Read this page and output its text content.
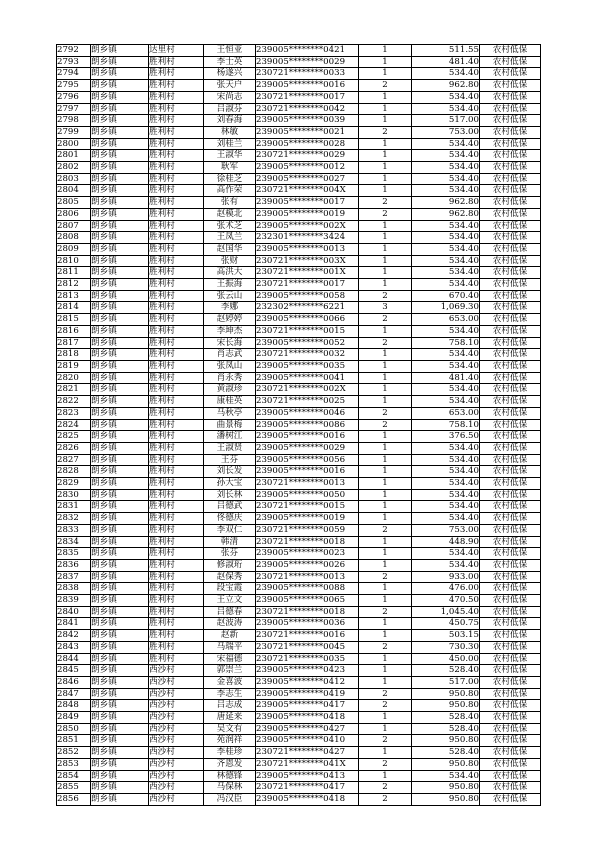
2792	朗乡镇	达里村	王恒亚	239005********0421	1	511.55	农村低保
2793	朗乡镇	胜利村	李士英	239005********0029	1	481.40	农村低保
2794	朗乡镇	胜利村	杨遂兴	230721********0033	1	534.40	农村低保
2795	朗乡镇	胜利村	张天户	239005********0016	2	962.80	农村低保
2796	朗乡镇	胜利村	宋尚志	230721********0017	1	534.40	农村低保
2797	朗乡镇	胜利村	吕淑芬	230721********0042	1	534.40	农村低保
2798	朗乡镇	胜利村	刘春海	239005********0039	1	517.00	农村低保
2799	朗乡镇	胜利村	林敏	239005********0021	2	753.00	农村低保
2800	朗乡镇	胜利村	刘桂兰	239005********0028	1	534.40	农村低保
2801	朗乡镇	胜利村	王淑华	230721********0029	1	534.40	农村低保
2802	朗乡镇	胜利村	耿军	239005********0012	1	534.40	农村低保
2803	朗乡镇	胜利村	徐桂芝	239005********0027	1	534.40	农村低保
2804	朗乡镇	胜利村	高作荣	230721********004X	1	534.40	农村低保
2805	朗乡镇	胜利村	张有	239005********0017	2	962.80	农村低保
2806	朗乡镇	胜利村	赵模北	239005********0019	2	962.80	农村低保
2807	朗乡镇	胜利村	张术芝	239005********002X	1	534.40	农村低保
2808	朗乡镇	胜利村	王凤兰	232301********3424	1	534.40	农村低保
2809	朗乡镇	胜利村	赵国华	239005********0013	1	534.40	农村低保
2810	朗乡镇	胜利村	张财	230721********003X	1	534.40	农村低保
2811	朗乡镇	胜利村	高洪大	230721********001X	1	534.40	农村低保
2812	朗乡镇	胜利村	王振海	230721********0017	1	534.40	农村低保
2813	朗乡镇	胜利村	张云山	239005********0058	2	670.40	农村低保
2814	朗乡镇	胜利村	李娜	232302********6221	3	1,069.30	农村低保
2815	朗乡镇	胜利村	赵婷婷	239005********0066	2	653.00	农村低保
2816	朗乡镇	胜利村	李坤杰	230721********0015	1	534.40	农村低保
2817	朗乡镇	胜利村	宋长海	239005********0052	2	758.10	农村低保
2818	朗乡镇	胜利村	肖志武	230721********0032	1	534.40	农村低保
2819	朗乡镇	胜利村	张凤山	239005********0035	1	534.40	农村低保
2820	朗乡镇	胜利村	肖永秀	239005********0041	1	481.40	农村低保
2821	朗乡镇	胜利村	黄淑珍	230721********002X	1	534.40	农村低保
2822	朗乡镇	胜利村	康桂英	230721********0025	1	534.40	农村低保
2823	朗乡镇	胜利村	马秋亭	239005********0046	2	653.00	农村低保
2824	朗乡镇	胜利村	曲景梅	239005********0086	2	758.10	农村低保
2825	朗乡镇	胜利村	潘树江	239005********0016	1	376.50	农村低保
2826	朗乡镇	胜利村	王淑贤	239005********0029	1	534.40	农村低保
2827	朗乡镇	胜利村	王芬	239005********0056	1	534.40	农村低保
2828	朗乡镇	胜利村	刘长发	239005********0016	1	534.40	农村低保
2829	朗乡镇	胜利村	孙大宝	230721********0013	1	534.40	农村低保
2830	朗乡镇	胜利村	刘长林	239005********0050	1	534.40	农村低保
2831	朗乡镇	胜利村	吕德武	230721********0015	1	534.40	农村低保
2832	朗乡镇	胜利村	佟德庆	239005********0019	1	534.40	农村低保
2833	朗乡镇	胜利村	李双仁	230721********0059	2	753.00	农村低保
2834	朗乡镇	胜利村	韩清	230721********0018	1	448.90	农村低保
2835	朗乡镇	胜利村	张芬	239005********0023	1	534.40	农村低保
2836	朗乡镇	胜利村	修淑珩	239005********0026	1	534.40	农村低保
2837	朗乡镇	胜利村	赵保秀	230721********0013	2	933.00	农村低保
2838	朗乡镇	胜利村	段宝霞	239005********0088	1	476.00	农村低保
2839	朗乡镇	胜利村	王立文	239005********0065	1	470.50	农村低保
2840	朗乡镇	胜利村	吕德春	230721********0018	2	1,045.40	农村低保
2841	朗乡镇	胜利村	赵波涛	239005********0036	1	450.75	农村低保
2842	朗乡镇	胜利村	赵新	230721********0016	1	503.15	农村低保
2843	朗乡镇	胜利村	马瑞平	230721********0045	2	730.30	农村低保
2844	朗乡镇	胜利村	宋福德	230721********0035	1	450.00	农村低保
2845	朗乡镇	西沙村	郭崇兰	239005********0423	1	528.40	农村低保
2846	朗乡镇	西沙村	金喜波	239005********0412	1	517.00	农村低保
2847	朗乡镇	西沙村	李志生	239005********0419	2	950.80	农村低保
2848	朗乡镇	西沙村	吕志成	239005********0417	2	950.80	农村低保
2849	朗乡镇	西沙村	唐延来	239005********0418	1	528.40	农村低保
2850	朗乡镇	西沙村	吴文有	239005********0427	1	528.40	农村低保
2851	朗乡镇	西沙村	苑润祥	239005********0410	2	950.80	农村低保
2852	朗乡镇	西沙村	李桂珍	230721********0427	1	528.40	农村低保
2853	朗乡镇	西沙村	齐恩发	230721********041X	2	950.80	农村低保
2854	朗乡镇	西沙村	林德锋	239005********0413	1	534.40	农村低保
2855	朗乡镇	西沙村	马保林	230721********0417	2	950.80	农村低保
2856	朗乡镇	西沙村	冯汉臣	239005********0418	2	950.80	农村低保
